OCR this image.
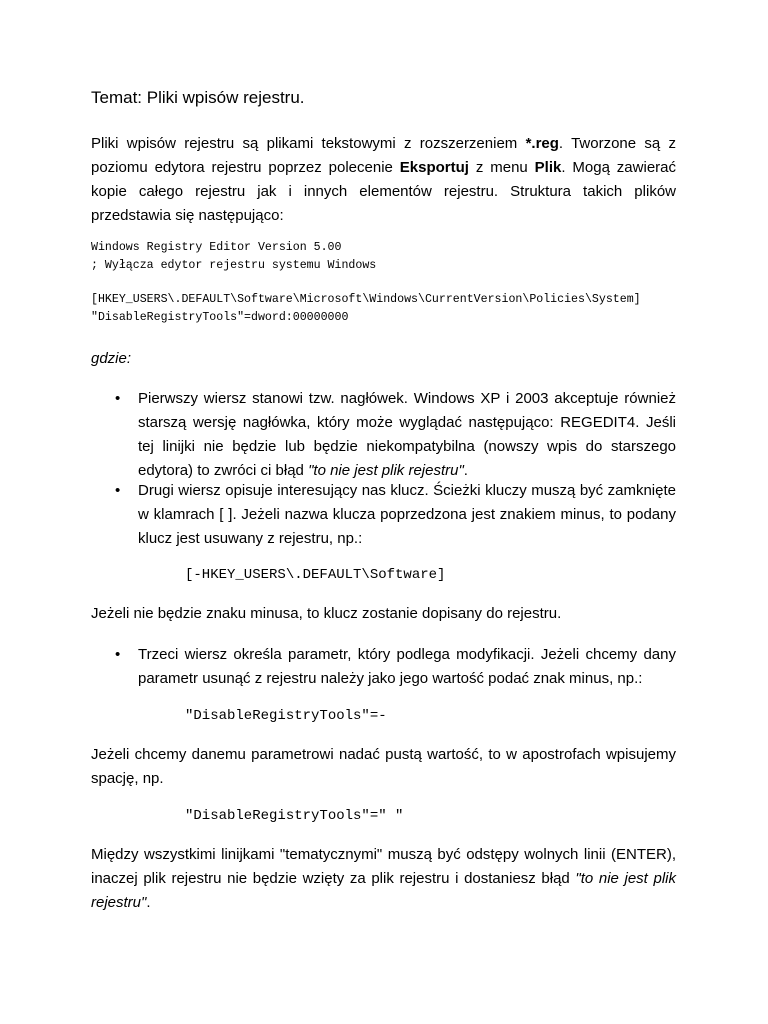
Temat: Pliki wpisów rejestru.

Pliki wpisów rejestru są plikami tekstowymi z rozszerzeniem *.reg. Tworzone są z poziomu edytora rejestru poprzez polecenie Eksportuj z menu Plik. Mogą zawierać kopie całego rejestru jak i innych elementów rejestru. Struktura takich plików przedstawia się następująco:

Windows Registry Editor Version 5.00
; Wyłącza edytor rejestru systemu Windows
[HKEY_USERS\.DEFAULT\Software\Microsoft\Windows\CurrentVersion\Policies\System]
"DisableRegistryTools"=dword:00000000

gdzie:

• Pierwszy wiersz stanowi tzw. nagłówek. Windows XP i 2003 akceptuje również starszą wersję nagłówka, który może wyglądać następująco: REGEDIT4. Jeśli tej linijki nie będzie lub będzie niekompatybilna (nowszy wpis do starszego edytora) to zwróci ci błąd "to nie jest plik rejestru".

• Drugi wiersz opisuje interesujący nas klucz. Ścieżki kluczy muszą być zamknięte w klamrach [ ]. Jeżeli nazwa klucza poprzedzona jest znakiem minus, to podany klucz jest usuwany z rejestru, np.:

[-HKEY_USERS\.DEFAULT\Software]

Jeżeli nie będzie znaku minusa, to klucz zostanie dopisany do rejestru.

• Trzeci wiersz określa parametr, który podlega modyfikacji. Jeżeli chcemy dany parametr usunąć z rejestru należy jako jego wartość podać znak minus, np.:

"DisableRegistryTools"=-

Jeżeli chcemy danemu parametrowi nadać pustą wartość, to w apostrofach wpisujemy spację, np.

"DisableRegistryTools"=" "

Między wszystkimi linijkami "tematycznymi" muszą być odstępy wolnych linii (ENTER), inaczej plik rejestru nie będzie wzięty za plik rejestru i dostaniesz błąd "to nie jest plik rejestru".
